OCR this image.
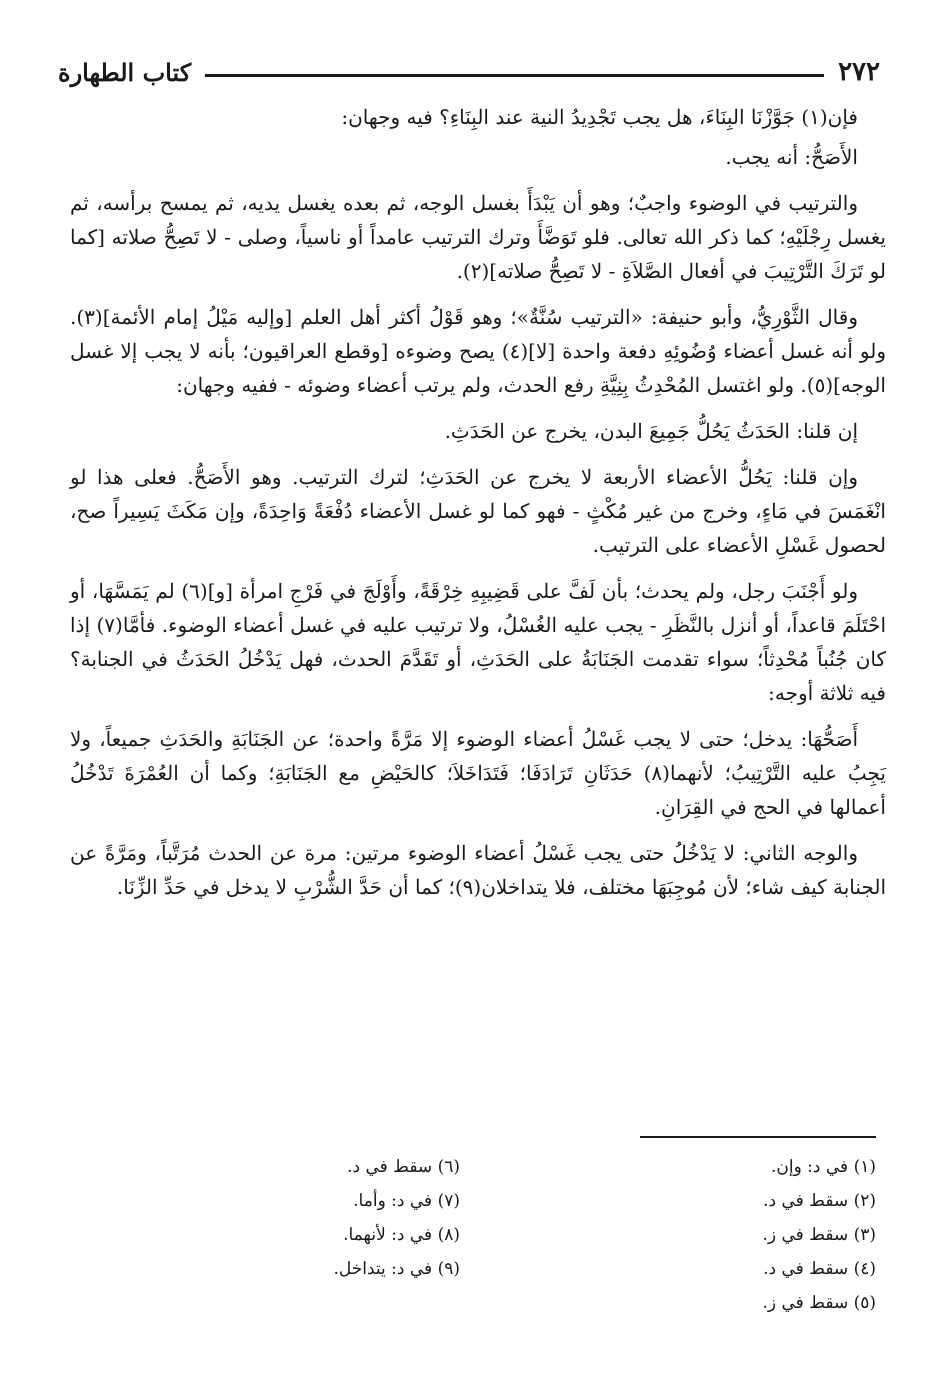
٢٧٢
كتاب الطهارة

فإن(١) جَوَّزْنَا البِنَاءَ، هل يجب تَجْدِيدُ النية عند البِنَاءِ؟ فيه وجهان:

الأَصَحُّ: أنه يجب.

والترتيب في الوضوء واجبٌ؛ وهو أن يَبْدَأَ بغسل الوجه، ثم بعده يغسل يديه، ثم يمسح برأسه، ثم يغسل رِجْلَيْهِ؛ كما ذكر الله تعالى. فلو تَوَضَّأَ وترك الترتيب عامداً أو ناسياً، وصلى - لا تَصِحُّ صلاته [كما لو تَرَكَ التَّرْتِيبَ في أفعال الصَّلاَةِ - لا تَصِحُّ صلاته](٢).

وقال الثَّوْرِيُّ، وأبو حنيفة: «الترتيب سُنَّةٌ»؛ وهو قَوْلُ أكثر أهل العلم [وإليه مَيْلُ إمام الأئمة](٣). ولو أنه غسل أعضاء وُضُوئِهِ دفعة واحدة [لا](٤) يصح وضوءه [وقطع العراقيون؛ بأنه لا يجب إلا غسل الوجه](٥). ولو اغتسل المُحْدِثُ بِنِيَّةِ رفع الحدث، ولم يرتب أعضاء وضوئه - ففيه وجهان:

إن قلنا: الحَدَثُ يَحُلُّ جَمِيعَ البدن، يخرج عن الحَدَثِ.

وإن قلنا: يَحُلُّ الأعضاء الأربعة لا يخرج عن الحَدَثِ؛ لترك الترتيب. وهو الأَصَحُّ. فعلى هذا لو انْغَمَسَ في مَاءٍ، وخرج من غير مُكْثٍ - فهو كما لو غسل الأعضاء دُفْعَةً وَاحِدَةً، وإن مَكَثَ يَسِيراً صح، لحصول غَسْلِ الأعضاء على الترتيب.

ولو أَجْنَبَ رجل، ولم يحدث؛ بأن لَفَّ على قَضِيبِهِ خِرْقَةً، وأَوْلَجَ في فَرْجِ امرأة [و](٦) لم يَمَسَّهَا، أو احْتَلَمَ قاعداً، أو أنزل بالنَّظَرِ - يجب عليه الغُسْلُ، ولا ترتيب عليه في غسل أعضاء الوضوء. فأمَّا(٧) إذا كان جُنُباً مُحْدِثاً؛ سواء تقدمت الجَنَابَةُ على الحَدَثِ، أو تَقَدَّمَ الحدث، فهل يَدْخُلُ الحَدَثُ في الجنابة؟ فيه ثلاثة أوجه:

أَصَحُّهَا: يدخل؛ حتى لا يجب غَسْلُ أعضاء الوضوء إلا مَرَّةً واحدة؛ عن الجَنَابَةِ والحَدَثِ جميعاً، ولا يَجِبُ عليه التَّرْتِيبُ؛ لأنهما(٨) حَدَثَانِ تَرَادَفَا؛ فَتَدَاخَلاَ؛ كالحَيْضِ مع الجَنَابَةِ؛ وكما أن العُمْرَةَ تَدْخُلُ أعمالها في الحج في القِرَانِ.

والوجه الثاني: لا يَدْخُلُ حتى يجب غَسْلُ أعضاء الوضوء مرتين: مرة عن الحدث مُرَتَّباً، ومَرَّةً عن الجنابة كيف شاء؛ لأن مُوجِبَهَا مختلف، فلا يتداخلان(٩)؛ كما أن حَدَّ الشُّرْبِ لا يدخل في حَدِّ الزِّنَا.

(١) في د: وإن.
(٢) سقط في د.
(٣) سقط في ز.
(٤) سقط في د.
(٥) سقط في ز.
(٦) سقط في د.
(٧) في د: وأما.
(٨) في د: لأنهما.
(٩) في د: يتداخل.
